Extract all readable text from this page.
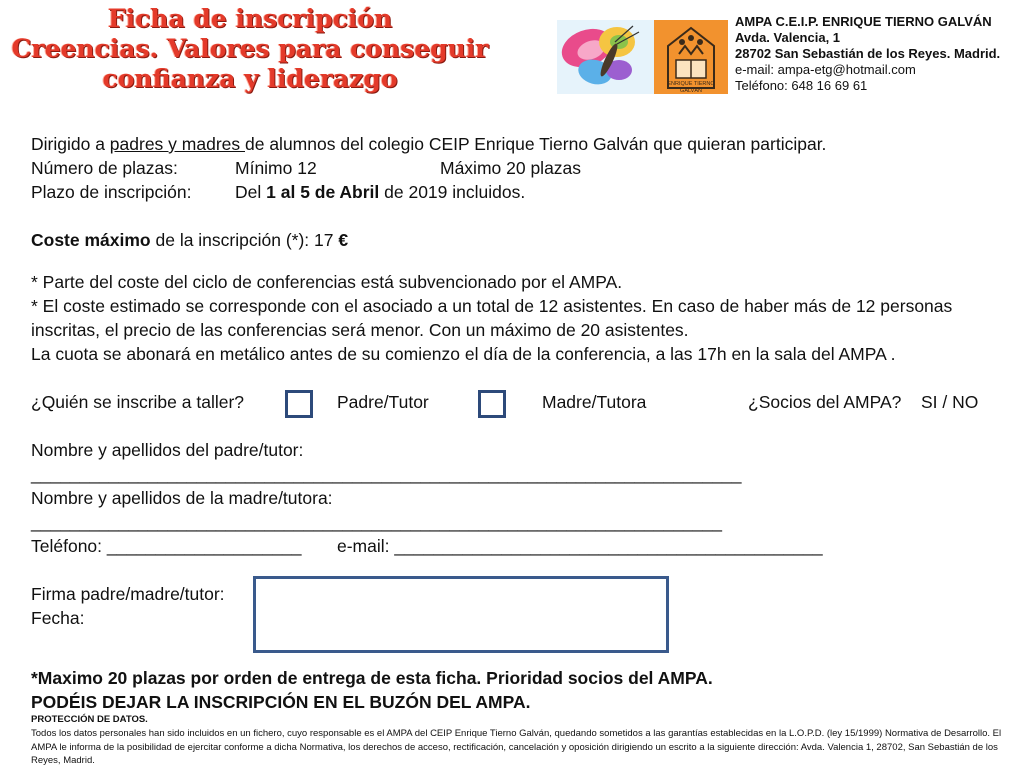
Ficha de inscripción
Creencias. Valores para conseguir
confianza y liderazgo	ENRIQUE TIERNO GALVÁN
AMPA C.E.I.P. ENRIQUE TIERNO GALVÁN
Avda. Valencia, 1
28702 San Sebastián de los Reyes. Madrid.
e-mail: ampa-etg@hotmail.com
Teléfono: 648 16 69 61
Dirigido a padres y madres de alumnos del colegio CEIP Enrique Tierno Galván que quieran participar.
Número de plazas:	Mínimo 12	Máximo 20 plazas
Plazo de inscripción: Del 1 al 5 de Abril de 2019 incluidos.
Coste máximo de la inscripción (*): 17 €
* Parte del coste del ciclo de conferencias está subvencionado por el AMPA.
* El coste estimado se corresponde con el asociado a un total de 12 asistentes. En caso de haber más de 12 personas
inscritas, el precio de las conferencias será menor. Con un máximo de 20 asistentes.
La cuota se abonará en metálico antes de su comienzo el día de la conferencia, a las 17h en la sala del AMPA .
¿Quién se inscribe a taller?	Padre/Tutor	Madre/Tutora	¿Socios del AMPA? SI / NO
Nombre y apellidos del padre/tutor:
_________________________________________________________________________
Nombre y apellidos de la madre/tutora:
_______________________________________________________________________
Teléfono: ____________________ e-mail: ____________________________________________
Firma padre/madre/tutor:
Fecha:
*Maximo 20 plazas por orden de entrega de esta ficha. Prioridad socios del AMPA.
PODÉIS DEJAR LA INSCRIPCIÓN EN EL BUZÓN DEL AMPA.
PROTECCIÓN DE DATOS.
Todos los datos personales han sido incluidos en un fichero, cuyo responsable es el AMPA del CEIP Enrique Tierno Galván, quedando sometidos a las garantías establecidas en la L.O.P.D. (ley 15/1999) Normativa de Desarrollo. El AMPA le informa de la posibilidad de ejercitar conforme a dicha Normativa, los derechos de acceso, rectificación, cancelación y oposición dirigiendo un escrito a la siguiente dirección: Avda. Valencia 1, 28702, San Sebastián de los Reyes, Madrid.
